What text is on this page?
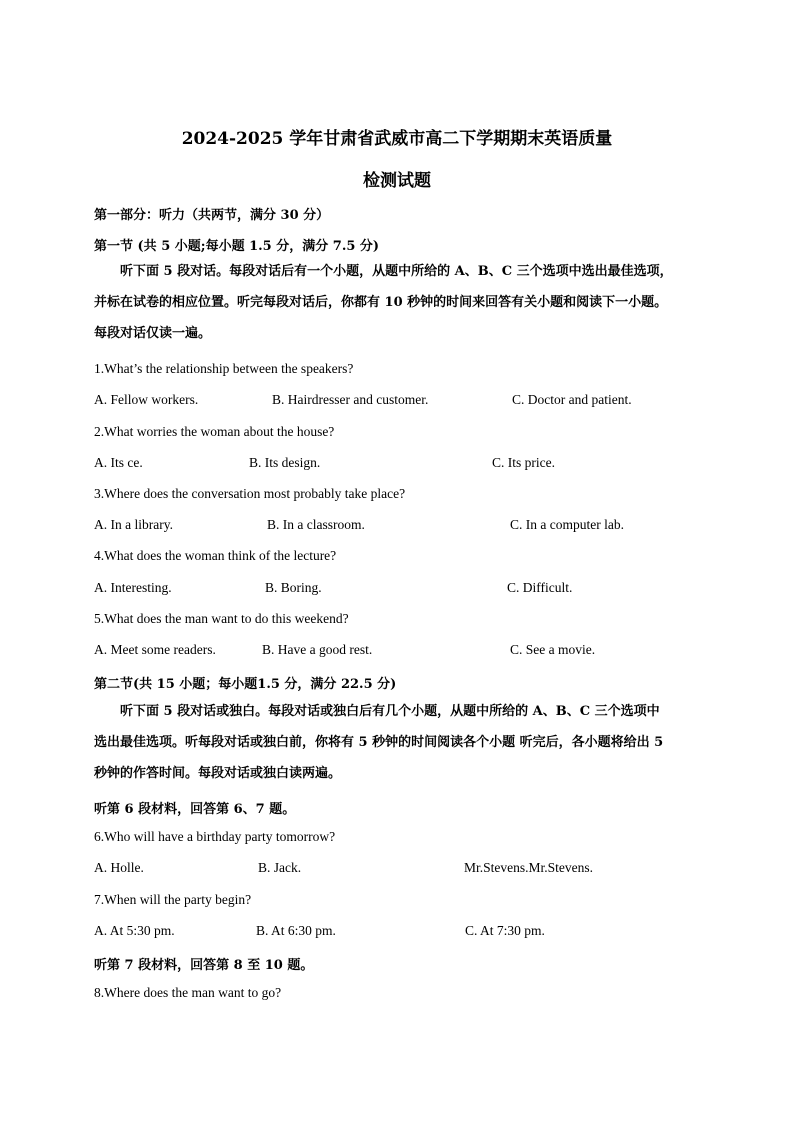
2024-2025 学年甘肃省武威市高二下学期期末英语质量
检测试题
第一部分：听力（共两节，满分 30 分）
第一节 (共 5 小题;每小题 1.5 分，满分 7.5 分)
听下面 5 段对话。每段对话后有一个小题，从题中所给的 A、B、C 三个选项中选出最佳选项，
并标在试卷的相应位置。听完每段对话后，你都有 10 秒钟的时间来回答有关小题和阅读下一小题。
每段对话仅读一遍。
1.What’s the relationship between the speakers?
A. Fellow workers.	B. Hairdresser and customer.	C. Doctor and patient.
2.What worries the woman about the house?
A. Its ce.	B. Its design.	C. Its price.
3.Where does the conversation most probably take place?
A. In a library.	B. In a classroom.	C. In a computer lab.
4.What does the woman think of the lecture?
A. Interesting.	B. Boring.	C. Difficult.
5.What does the man want to do this weekend?
A. Meet some readers.	B. Have a good rest.	C. See a movie.
第二节(共 15 小题；每小题1.5 分，满分 22.5 分)
听下面 5 段对话或独白。每段对话或独白后有几个小题，从题中所给的 A、B、C 三个选项中
选出最佳选项。听每段对话或独白前，你将有 5 秒钟的时间阅读各个小题 听完后，各小题将给出 5
秒钟的作答时间。每段对话或独白读两遍。
听第 6 段材料，回答第 6、7 题。
6.Who will have a birthday party tomorrow?
A. Holle.	B. Jack.	Mr.Stevens.Mr.Stevens.
7.When will the party begin?
A. At 5:30 pm.	B. At 6:30 pm.	C. At 7:30 pm.
听第 7 段材料，回答第 8 至 10 题。
8.Where does the man want to go?
